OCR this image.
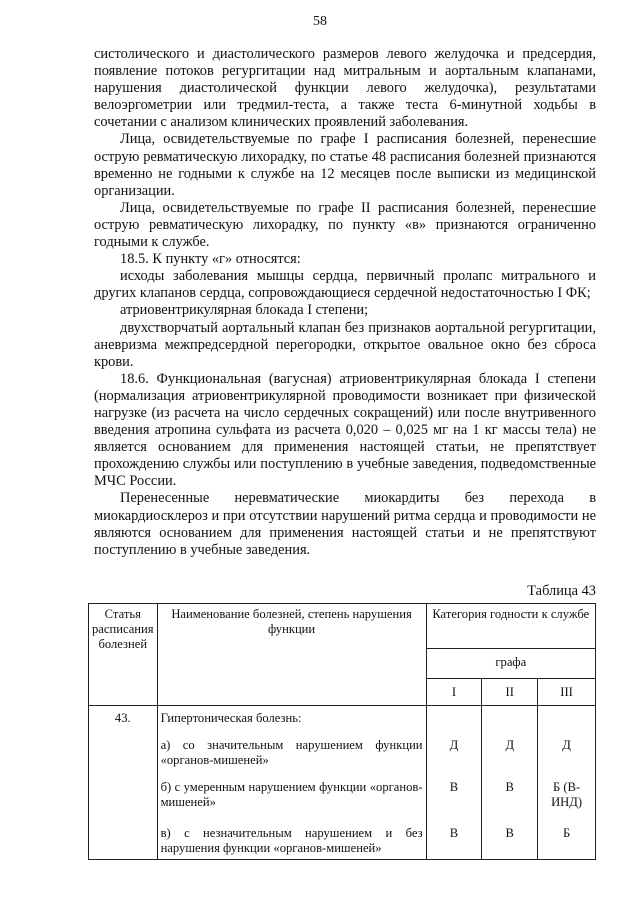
58

систолического и диастолического размеров левого желудочка и предсердия, появление потоков регургитации над митральным и аортальным клапанами, нарушения диастолической функции левого желудочка), результатами велоэргометрии или тредмил-теста, а также теста 6-минутной ходьбы в сочетании с анализом клинических проявлений заболевания.

Лица, освидетельствуемые по графе I расписания болезней, перенесшие острую ревматическую лихорадку, по статье 48 расписания болезней признаются временно не годными к службе на 12 месяцев после выписки из медицинской организации.

Лица, освидетельствуемые по графе II расписания болезней, перенесшие острую ревматическую лихорадку, по пункту «в» признаются ограниченно годными к службе.

18.5. К пункту «г» относятся:

исходы заболевания мышцы сердца, первичный пролапс митрального и других клапанов сердца, сопровождающиеся сердечной недостаточностью I ФК;

атриовентрикулярная блокада I степени;

двухстворчатый аортальный клапан без признаков аортальной регургитации, аневризма межпредсердной перегородки, открытое овальное окно без сброса крови.

18.6. Функциональная (вагусная) атриовентрикулярная блокада I степени (нормализация атриовентрикулярной проводимости возникает при физической нагрузке (из расчета на число сердечных сокращений) или после внутривенного введения атропина сульфата из расчета 0,020 – 0,025 мг на 1 кг массы тела) не является основанием для применения настоящей статьи, не препятствует прохождению службы или поступлению в учебные заведения, подведомственные МЧС России.

Перенесенные неревматические миокардиты без перехода в миокардиосклероз и при отсутствии нарушений ритма сердца и проводимости не являются основанием для применения настоящей статьи и не препятствуют поступлению в учебные заведения.

Таблица 43
Статья расписания болезней	Наименование болезней, степень нарушения функции	Категория годности к службе		
		графа		
		I	II	III
43.	Гипертоническая болезнь:			
	а) со значительным нарушением функции «органов-мишеней»	Д	Д	Д
	б) с умеренным нарушением функции «органов-мишеней»	В	В	Б (В-ИНД)
	в) с незначительным нарушением и без нарушения функции «органов-мишеней»	В	В	Б
